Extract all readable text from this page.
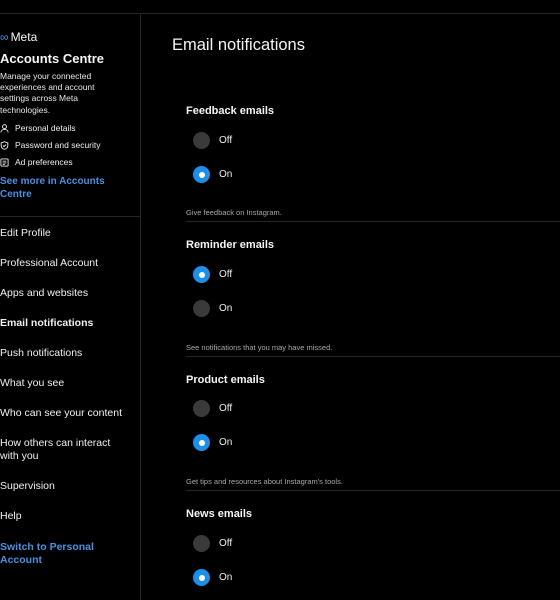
∞ Meta
Accounts Centre
Manage your connected experiences and account settings across Meta technologies.
Personal details
Password and security
Ad preferences
See more in Accounts Centre
Edit Profile
Professional Account
Apps and websites
Email notifications
Push notifications
What you see
Who can see your content
How others can interact with you
Supervision
Help
Switch to Personal Account
Email notifications
Feedback emails
Off
On
Give feedback on Instagram.
Reminder emails
Off
On
See notifications that you may have missed.
Product emails
Off
On
Get tips and resources about Instagram's tools.
News emails
Off
On
